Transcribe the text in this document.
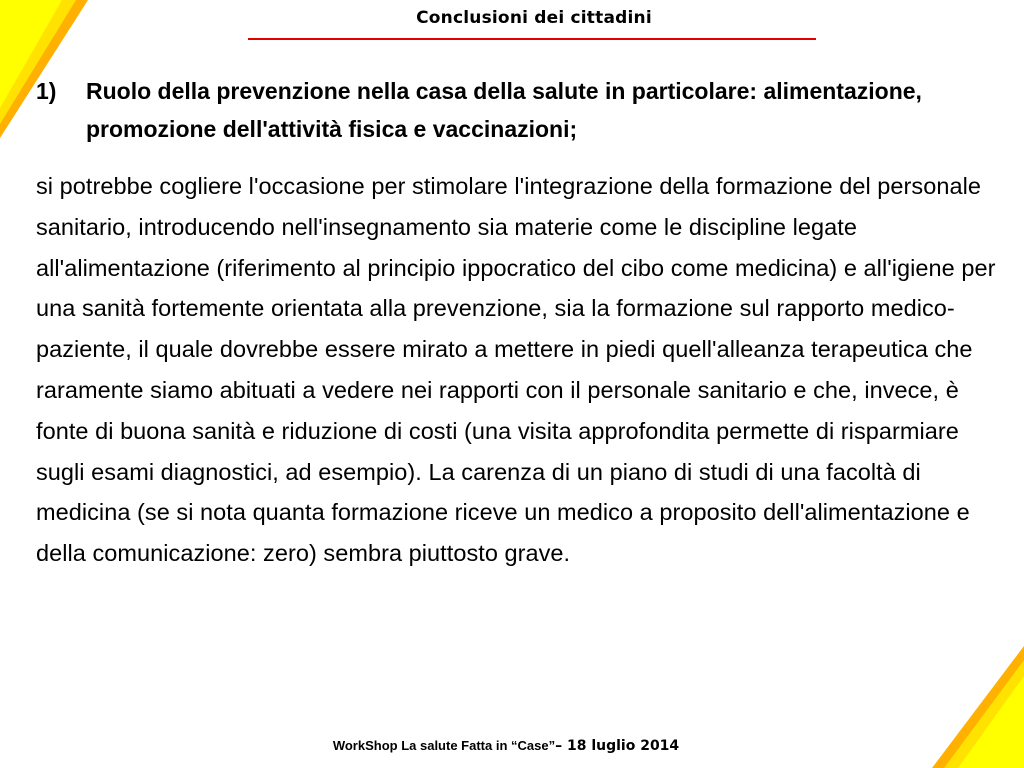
Conclusioni dei cittadini
1) Ruolo della prevenzione nella casa della salute in particolare: alimentazione, promozione dell'attività fisica e vaccinazioni;
si potrebbe cogliere l'occasione per stimolare l'integrazione della formazione del personale sanitario, introducendo nell'insegnamento sia materie come le discipline legate all'alimentazione (riferimento al principio ippocratico del cibo come medicina) e all'igiene per una sanità fortemente orientata alla prevenzione, sia la formazione sul rapporto medico-paziente, il quale dovrebbe essere mirato a mettere in piedi quell'alleanza terapeutica che raramente siamo abituati a vedere nei rapporti con il personale sanitario e che, invece, è fonte di buona sanità e riduzione di costi (una visita approfondita permette di risparmiare sugli esami diagnostici, ad esempio). La carenza di un piano di studi di una facoltà di medicina (se si nota quanta formazione riceve un medico a proposito dell'alimentazione e della comunicazione: zero) sembra piuttosto grave.
WorkShop La salute Fatta in “Case”– 18 luglio 2014
